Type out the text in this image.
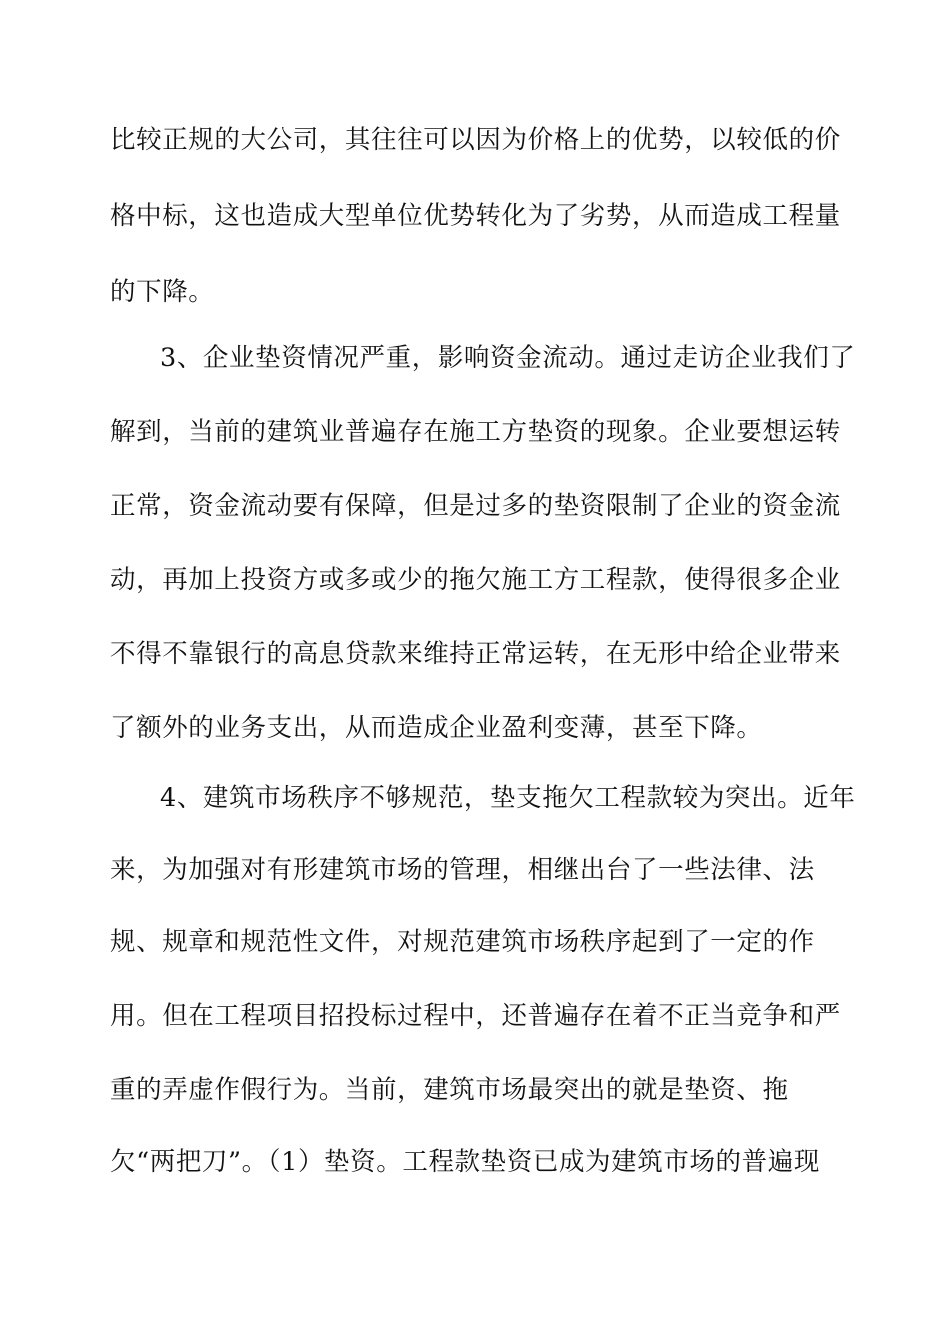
比较正规的大公司，其往往可以因为价格上的优势，以较低的价
格中标，这也造成大型单位优势转化为了劣势，从而造成工程量
的下降。
3、企业垫资情况严重，影响资金流动。通过走访企业我们了
解到，当前的建筑业普遍存在施工方垫资的现象。企业要想运转
正常，资金流动要有保障，但是过多的垫资限制了企业的资金流
动，再加上投资方或多或少的拖欠施工方工程款，使得很多企业
不得不靠银行的高息贷款来维持正常运转，在无形中给企业带来
了额外的业务支出，从而造成企业盈利变薄，甚至下降。
4、建筑市场秩序不够规范，垫支拖欠工程款较为突出。近年
来，为加强对有形建筑市场的管理，相继出台了一些法律、法
规、规章和规范性文件，对规范建筑市场秩序起到了一定的作
用。但在工程项目招投标过程中，还普遍存在着不正当竞争和严
重的弄虚作假行为。当前，建筑市场最突出的就是垫资、拖
欠“两把刀”。（1）垫资。工程款垫资已成为建筑市场的普遍现
